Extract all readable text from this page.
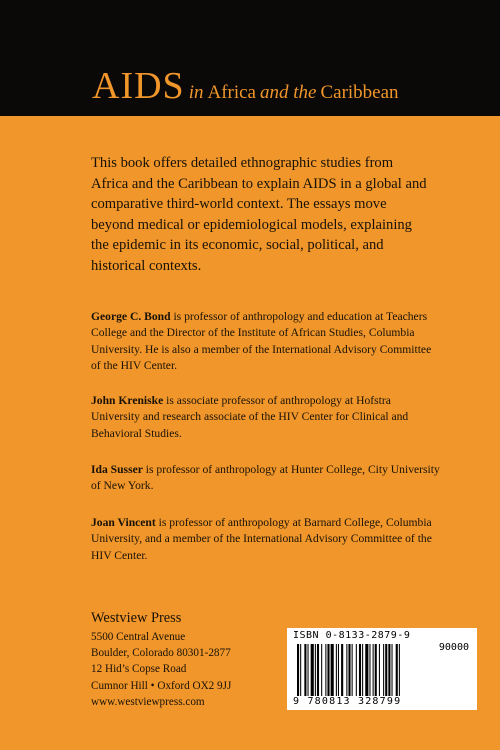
AIDS in Africa and the Caribbean
This book offers detailed ethnographic studies from Africa and the Caribbean to explain AIDS in a global and comparative third-world context. The essays move beyond medical or epidemiological models, explaining the epidemic in its economic, social, political, and historical contexts.
George C. Bond is professor of anthropology and education at Teachers College and the Director of the Institute of African Studies, Columbia University. He is also a member of the International Advisory Committee of the HIV Center.
John Kreniske is associate professor of anthropology at Hofstra University and research associate of the HIV Center for Clinical and Behavioral Studies.
Ida Susser is professor of anthropology at Hunter College, City University of New York.
Joan Vincent is professor of anthropology at Barnard College, Columbia University, and a member of the International Advisory Committee of the HIV Center.
Westview Press
5500 Central Avenue
Boulder, Colorado 80301-2877
12 Hid’s Copse Road
Cumnor Hill • Oxford OX2 9JJ
www.westviewpress.com
ISBN 0-8133-2879-9
90000
9 780813 328799
